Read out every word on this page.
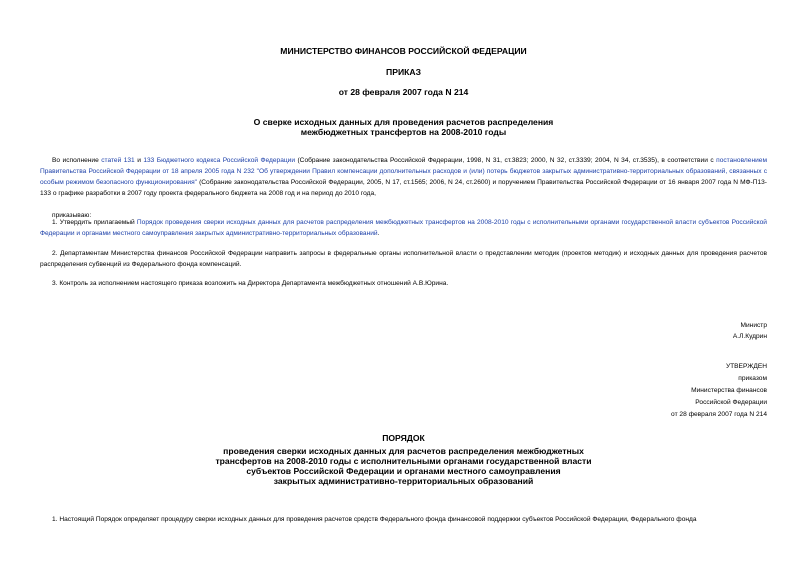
МИНИСТЕРСТВО ФИНАНСОВ РОССИЙСКОЙ ФЕДЕРАЦИИ
ПРИКАЗ
от 28 февраля 2007 года N 214
О сверке исходных данных для проведения расчетов распределения
межбюджетных трансфертов на 2008-2010 годы
Во исполнение статей 131 и 133 Бюджетного кодекса Российской Федерации (Собрание законодательства Российской Федерации, 1998, N 31, ст.3823; 2000, N 32, ст.3339; 2004, N 34, ст.3535), в соответствии с постановлением Правительства Российской Федерации от 18 апреля 2005 года N 232 "Об утверждении Правил компенсации дополнительных расходов и (или) потерь бюджетов закрытых административно-территориальных образований, связанных с особым режимом безопасного функционирования" (Собрание законодательства Российской Федерации, 2005, N 17, ст.1565; 2006, N 24, ст.2600) и поручением Правительства Российской Федерации от 16 января 2007 года N МФ-П13-133 о графике разработки в 2007 году проекта федерального бюджета на 2008 год и на период до 2010 года,
приказываю:
1. Утвердить прилагаемый Порядок проведения сверки исходных данных для расчетов распределения межбюджетных трансфертов на 2008-2010 годы с исполнительными органами государственной власти субъектов Российской Федерации и органами местного самоуправления закрытых административно-территориальных образований.
2. Департаментам Министерства финансов Российской Федерации направить запросы в федеральные органы исполнительной власти о представлении методик (проектов методик) и исходных данных для проведения расчетов распределения субвенций из Федерального фонда компенсаций.
3. Контроль за исполнением настоящего приказа возложить на Директора Департамента межбюджетных отношений А.В.Юрина.
Министр
А.Л.Кудрин
УТВЕРЖДЕН
приказом
Министерства финансов
Российской Федерации
от 28 февраля 2007 года N 214
ПОРЯДОК
проведения сверки исходных данных для расчетов распределения межбюджетных
трансфертов на 2008-2010 годы с исполнительными органами государственной власти
субъектов Российской Федерации и органами местного самоуправления
закрытых административно-территориальных образований
1. Настоящий Порядок определяет процедуру сверки исходных данных для проведения расчетов средств Федерального фонда финансовой поддержки субъектов Российской Федерации, Федерального фонда
